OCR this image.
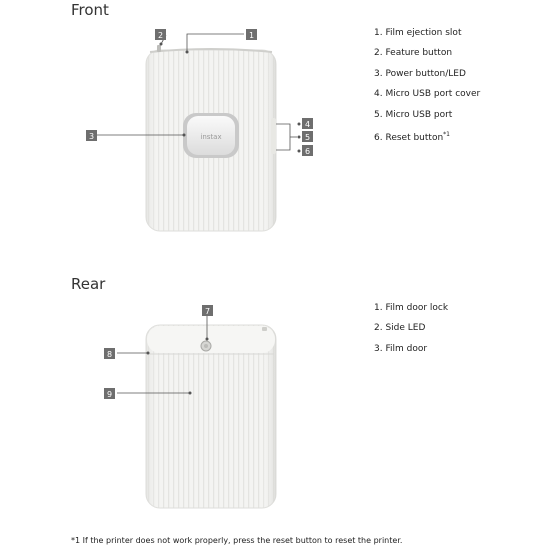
Front
1. Film ejection slot
2. Feature button
3. Power button/LED
4. Micro USB port cover
5. Micro USB port
6. Reset button$^{*1}$
Rear
1. Film door lock
2. Side LED
3. Film door
instax
1
2
3
4
5
6
7
8
9
*1 If the printer does not work properly, press the reset button to reset the printer.
